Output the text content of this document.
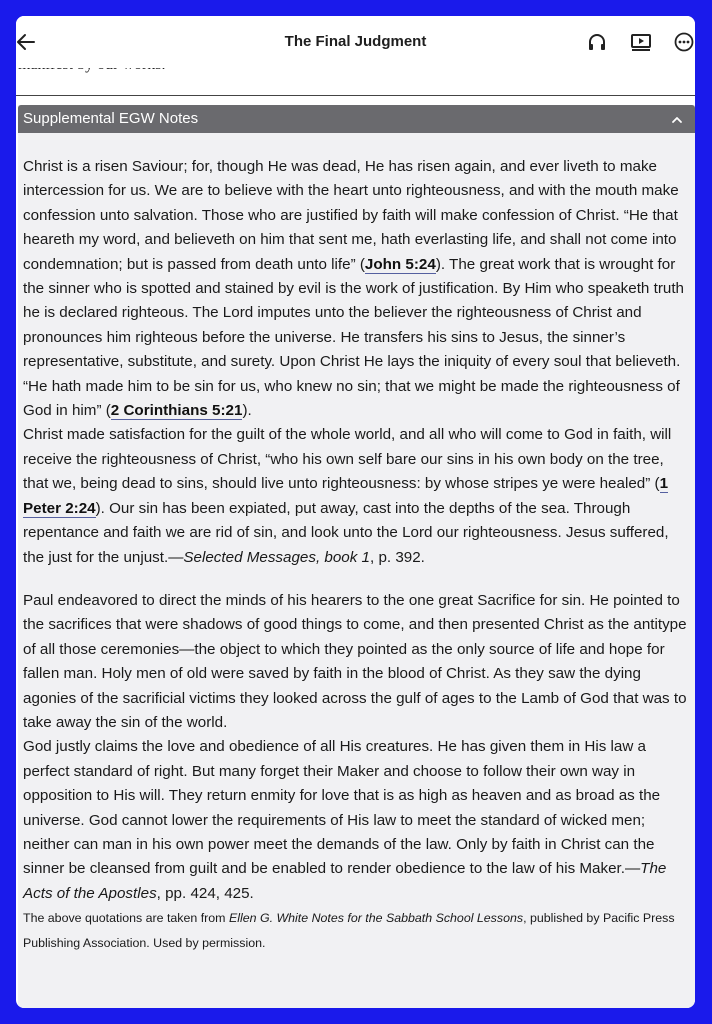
The Final Judgment
Supplemental EGW Notes

Christ is a risen Saviour; for, though He was dead, He has risen again, and ever liveth to make intercession for us. We are to believe with the heart unto righteousness, and with the mouth make confession unto salvation. Those who are justified by faith will make confession of Christ. “He that heareth my word, and believeth on him that sent me, hath everlasting life, and shall not come into condemnation; but is passed from death unto life” (John 5:24). The great work that is wrought for the sinner who is spotted and stained by evil is the work of justification. By Him who speaketh truth he is declared righteous. The Lord imputes unto the believer the righteousness of Christ and pronounces him righteous before the universe. He transfers his sins to Jesus, the sinner’s representative, substitute, and surety. Upon Christ He lays the iniquity of every soul that believeth. “He hath made him to be sin for us, who knew no sin; that we might be made the righteousness of God in him” (2 Corinthians 5:21).

Christ made satisfaction for the guilt of the whole world, and all who will come to God in faith, will receive the righteousness of Christ, “who his own self bare our sins in his own body on the tree, that we, being dead to sins, should live unto righteousness: by whose stripes ye were healed” (1 Peter 2:24). Our sin has been expiated, put away, cast into the depths of the sea. Through repentance and faith we are rid of sin, and look unto the Lord our righteousness. Jesus suffered, the just for the unjust.—Selected Messages, book 1, p. 392.

Paul endeavored to direct the minds of his hearers to the one great Sacrifice for sin. He pointed to the sacrifices that were shadows of good things to come, and then presented Christ as the antitype of all those ceremonies—the object to which they pointed as the only source of life and hope for fallen man. Holy men of old were saved by faith in the blood of Christ. As they saw the dying agonies of the sacrificial victims they looked across the gulf of ages to the Lamb of God that was to take away the sin of the world.

God justly claims the love and obedience of all His creatures. He has given them in His law a perfect standard of right. But many forget their Maker and choose to follow their own way in opposition to His will. They return enmity for love that is as high as heaven and as broad as the universe. God cannot lower the requirements of His law to meet the standard of wicked men; neither can man in his own power meet the demands of the law. Only by faith in Christ can the sinner be cleansed from guilt and be enabled to render obedience to the law of his Maker.—The Acts of the Apostles, pp. 424, 425.

The above quotations are taken from Ellen G. White Notes for the Sabbath School Lessons, published by Pacific Press Publishing Association. Used by permission.
